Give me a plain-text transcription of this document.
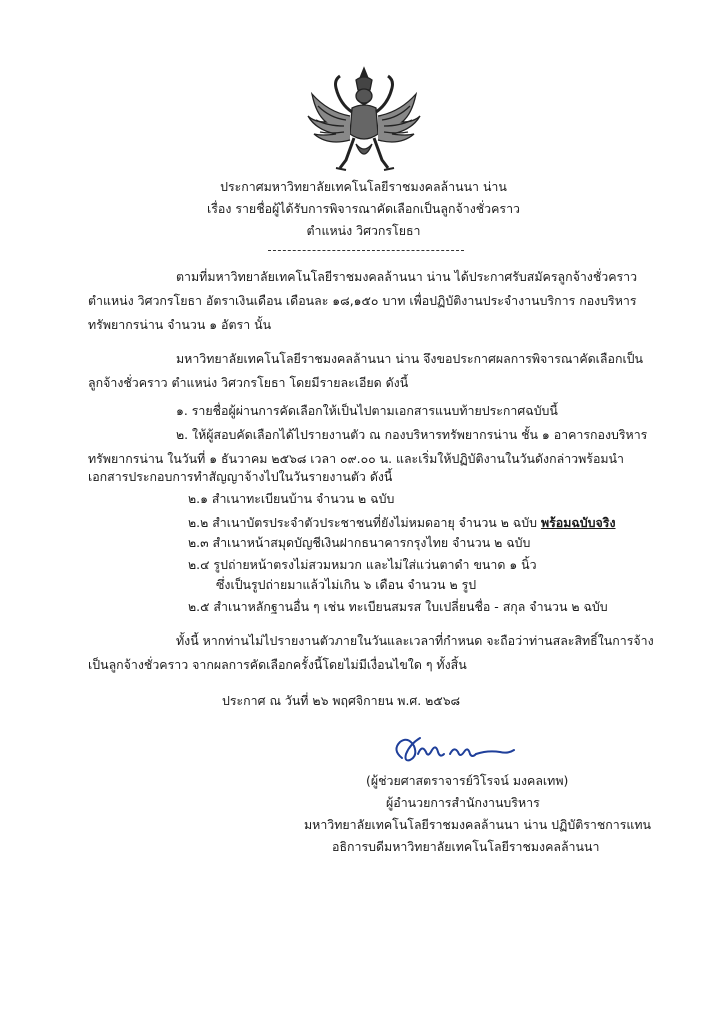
ประกาศมหาวิทยาลัยเทคโนโลยีราชมงคลล้านนา น่าน
เรื่อง รายชื่อผู้ได้รับการพิจารณาคัดเลือกเป็นลูกจ้างชั่วคราว
ตำแหน่ง วิศวกรโยธา
ตามที่มหาวิทยาลัยเทคโนโลยีราชมงคลล้านนา น่าน ได้ประกาศรับสมัครลูกจ้างชั่วคราว
ตำแหน่ง วิศวกรโยธา อัตราเงินเดือน เดือนละ ๑๘,๑๕๐ บาท เพื่อปฏิบัติงานประจำงานบริการ กองบริหาร
ทรัพยากรน่าน จำนวน ๑ อัตรา นั้น
มหาวิทยาลัยเทคโนโลยีราชมงคลล้านนา น่าน จึงขอประกาศผลการพิจารณาคัดเลือกเป็น
ลูกจ้างชั่วคราว ตำแหน่ง วิศวกรโยธา โดยมีรายละเอียด ดังนี้
๑. รายชื่อผู้ผ่านการคัดเลือกให้เป็นไปตามเอกสารแนบท้ายประกาศฉบับนี้
๒. ให้ผู้สอบคัดเลือกได้ไปรายงานตัว ณ กองบริหารทรัพยากรน่าน ชั้น ๑ อาคารกองบริหาร
ทรัพยากรน่าน ในวันที่ ๑ ธันวาคม ๒๕๖๘ เวลา ๐๙.๐๐ น. และเริ่มให้ปฏิบัติงานในวันดังกล่าวพร้อมนำ
เอกสารประกอบการทำสัญญาจ้างไปในวันรายงานตัว ดังนี้
๒.๑ สำเนาทะเบียนบ้าน จำนวน ๒ ฉบับ
๒.๒ สำเนาบัตรประจำตัวประชาชนที่ยังไม่หมดอายุ จำนวน ๒ ฉบับ พร้อมฉบับจริง
๒.๓ สำเนาหน้าสมุดบัญชีเงินฝากธนาคารกรุงไทย จำนวน ๒ ฉบับ
๒.๔ รูปถ่ายหน้าตรงไม่สวมหมวก และไม่ใส่แว่นตาดำ ขนาด ๑ นิ้ว
ซึ่งเป็นรูปถ่ายมาแล้วไม่เกิน ๖ เดือน จำนวน ๒ รูป
๒.๕ สำเนาหลักฐานอื่น ๆ เช่น ทะเบียนสมรส ใบเปลี่ยนชื่อ - สกุล จำนวน ๒ ฉบับ
ทั้งนี้ หากท่านไม่ไปรายงานตัวภายในวันและเวลาที่กำหนด จะถือว่าท่านสละสิทธิ์ในการจ้าง
เป็นลูกจ้างชั่วคราว จากผลการคัดเลือกครั้งนี้โดยไม่มีเงื่อนไขใด ๆ ทั้งสิ้น
ประกาศ ณ วันที่ ๒๖ พฤศจิกายน พ.ศ. ๒๕๖๘
(ผู้ช่วยศาสตราจารย์วิโรจน์ มงคลเทพ)
ผู้อำนวยการสำนักงานบริหาร
มหาวิทยาลัยเทคโนโลยีราชมงคลล้านนา น่าน ปฏิบัติราชการแทน
อธิการบดีมหาวิทยาลัยเทคโนโลยีราชมงคลล้านนา
